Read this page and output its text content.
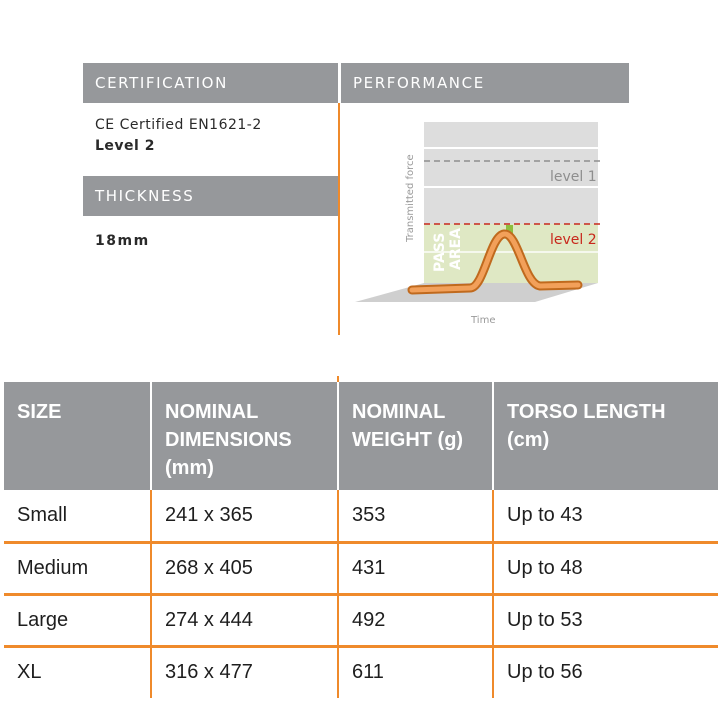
CERTIFICATION
CE Certified EN1621-2
Level 2
THICKNESS
18mm
PERFORMANCE
level 1
level 2
PASS AREA
Transmitted force
Time
SIZE	NOMINAL DIMENSIONS (mm)	NOMINAL WEIGHT (g)	TORSO LENGTH (cm)
Small	241 x 365	353	Up to 43
Medium	268 x 405	431	Up to 48
Large	274 x 444	492	Up to 53
XL	316 x 477	611	Up to 56
